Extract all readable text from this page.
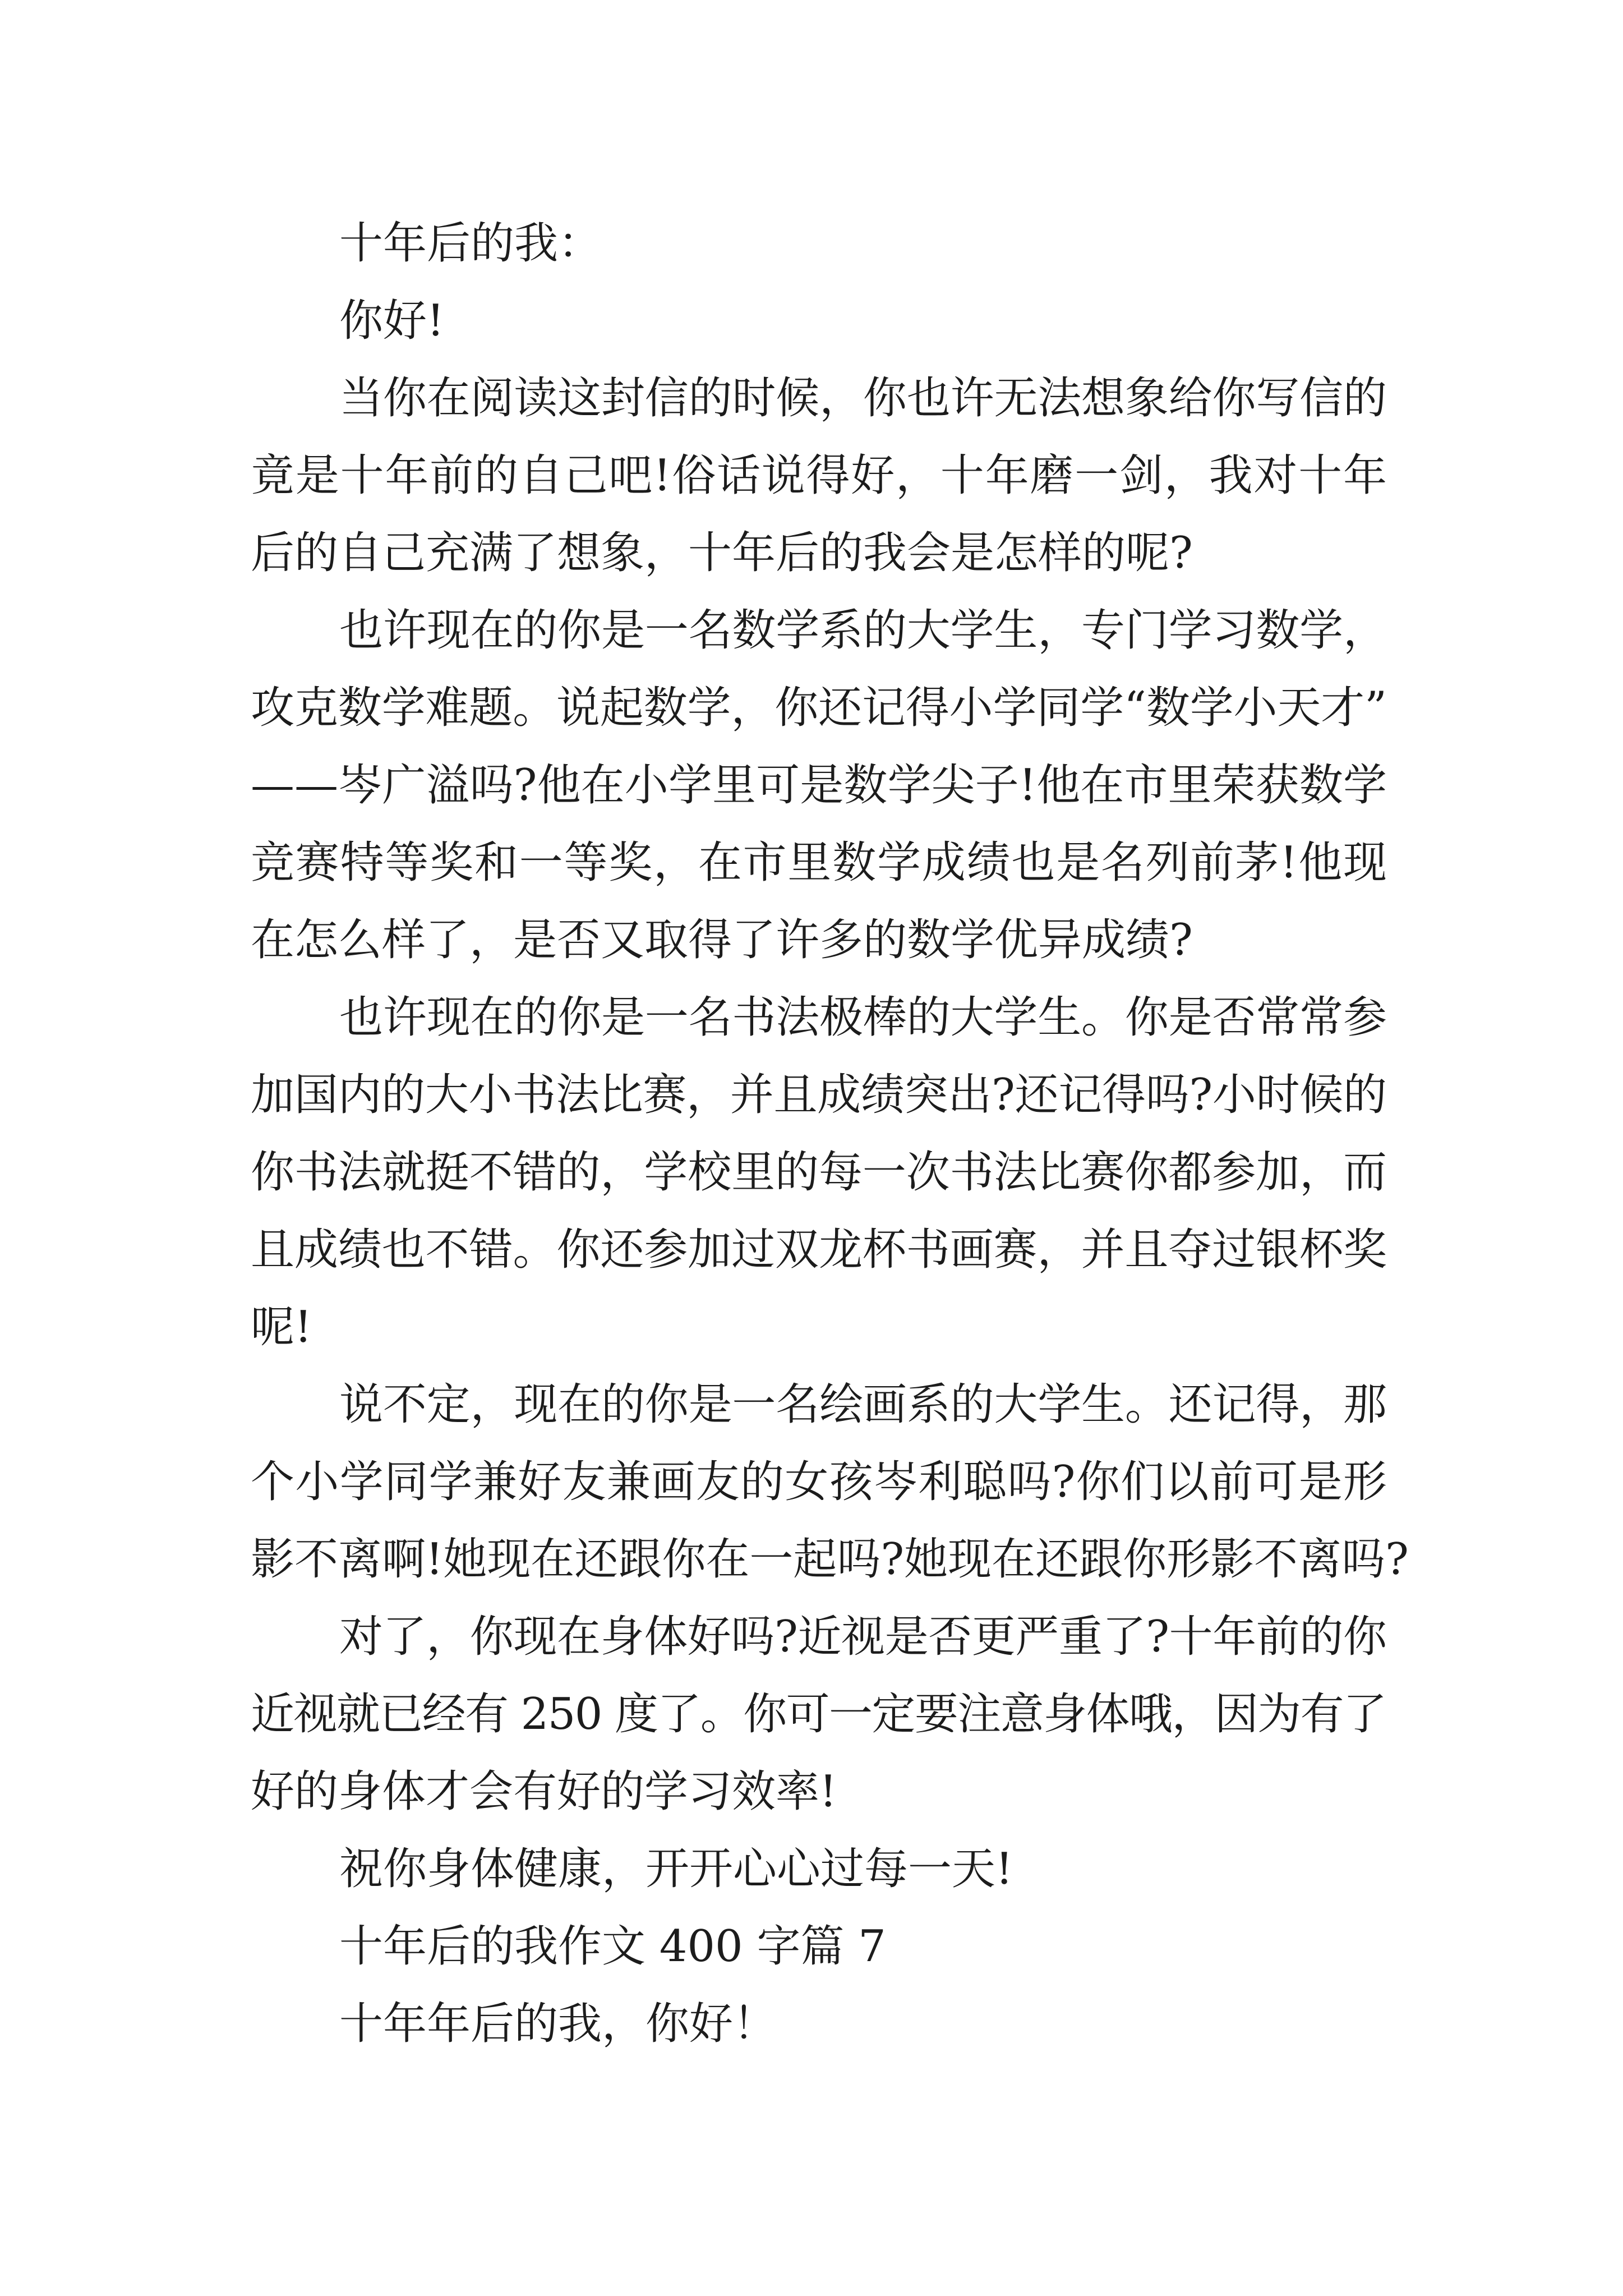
十年后的我：
你好!
当你在阅读这封信的时候，你也许无法想象给你写信的
竟是十年前的自己吧!俗话说得好，十年磨一剑，我对十年
后的自己充满了想象，十年后的我会是怎样的呢?
也许现在的你是一名数学系的大学生，专门学习数学，
攻克数学难题。说起数学，你还记得小学同学“数学小天才”
——岑广溢吗?他在小学里可是数学尖子!他在市里荣获数学
竞赛特等奖和一等奖，在市里数学成绩也是名列前茅!他现
在怎么样了，是否又取得了许多的数学优异成绩?
也许现在的你是一名书法极棒的大学生。你是否常常参
加国内的大小书法比赛，并且成绩突出?还记得吗?小时候的
你书法就挺不错的，学校里的每一次书法比赛你都参加，而
且成绩也不错。你还参加过双龙杯书画赛，并且夺过银杯奖
呢!
说不定，现在的你是一名绘画系的大学生。还记得，那
个小学同学兼好友兼画友的女孩岑利聪吗?你们以前可是形
影不离啊!她现在还跟你在一起吗?她现在还跟你形影不离吗?
对了，你现在身体好吗?近视是否更严重了?十年前的你
近视就已经有 250 度了。你可一定要注意身体哦，因为有了
好的身体才会有好的学习效率!
祝你身体健康，开开心心过每一天!
十年后的我作文 400 字篇 7
十年年后的我，你好！
